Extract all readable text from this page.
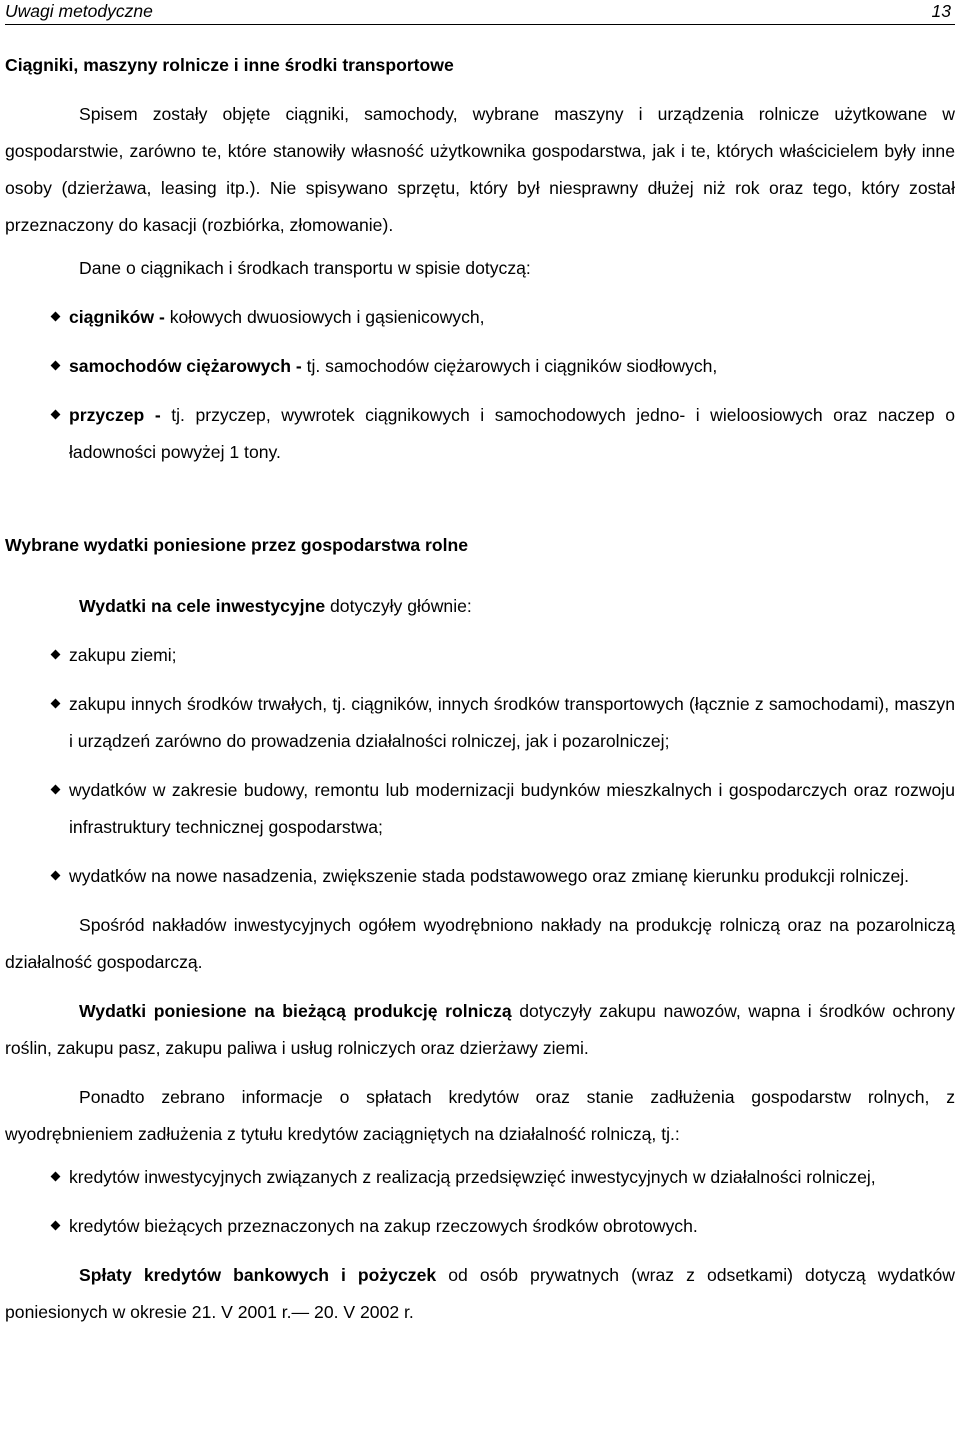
Uwagi metodyczne	13
Ciągniki, maszyny rolnicze i inne środki transportowe

Spisem zostały objęte ciągniki, samochody, wybrane maszyny i urządzenia rolnicze użytkowane w gospodarstwie, zarówno te, które stanowiły własność użytkownika gospodarstwa, jak i te, których właścicielem były inne osoby (dzierżawa, leasing itp.). Nie spisywano sprzętu, który był niesprawny dłużej niż rok oraz tego, który został przeznaczony do kasacji (rozbiórka, złomowanie).

Dane o ciągnikach i środkach transportu w spisie dotyczą:

ciągników - kołowych dwuosiowych i gąsienicowych,
samochodów ciężarowych - tj. samochodów ciężarowych i ciągników siodłowych,
przyczep - tj. przyczep, wywrotek ciągnikowych i samochodowych jedno- i wieloosiowych oraz naczep o ładowności powyżej 1 tony.
Wybrane wydatki poniesione przez gospodarstwa rolne

Wydatki na cele inwestycyjne dotyczyły głównie:

zakupu ziemi;
zakupu innych środków trwałych, tj. ciągników, innych środków transportowych (łącznie z samochodami), maszyn i urządzeń zarówno do prowadzenia działalności rolniczej, jak i pozarolniczej;
wydatków w zakresie budowy, remontu lub modernizacji budynków mieszkalnych i gospodarczych oraz rozwoju infrastruktury technicznej gospodarstwa;
wydatków na nowe nasadzenia, zwiększenie stada podstawowego oraz zmianę kierunku produkcji rolniczej.

Spośród nakładów inwestycyjnych ogółem wyodrębniono nakłady na produkcję rolniczą oraz na pozarolniczą działalność gospodarczą.

Wydatki poniesione na bieżącą produkcję rolniczą dotyczyły zakupu nawozów, wapna i środków ochrony roślin, zakupu pasz, zakupu paliwa i usług rolniczych oraz dzierżawy ziemi.

Ponadto zebrano informacje o spłatach kredytów oraz stanie zadłużenia gospodarstw rolnych, z wyodrębnieniem zadłużenia z tytułu kredytów zaciągniętych na działalność rolniczą, tj.:

kredytów inwestycyjnych związanych z realizacją przedsięwzięć inwestycyjnych w działalności rolniczej,
kredytów bieżących przeznaczonych na zakup rzeczowych środków obrotowych.

Spłaty kredytów bankowych i pożyczek od osób prywatnych (wraz z odsetkami) dotyczą wydatków poniesionych w okresie 21. V 2001 r.— 20. V 2002 r.
